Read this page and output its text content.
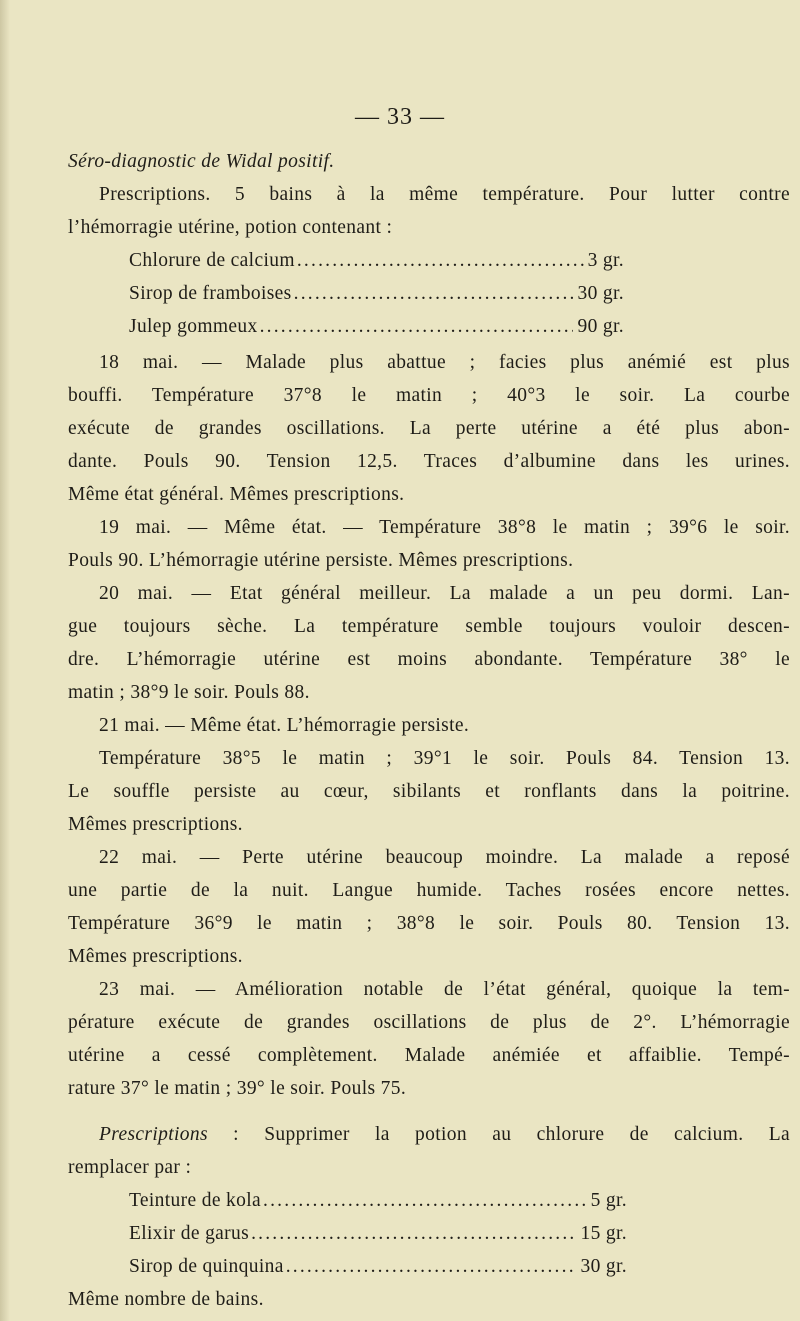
— 33 —

Séro-diagnostic de Widal positif.

Prescriptions. 5 bains à la même température. Pour lutter contre

l’hémorragie utérine, potion contenant :

Chlorure de calcium .....	3 gr.
Sirop de framboises .....	30 gr.
Julep gommeux .....	90 gr.

18 mai. — Malade plus abattue ; facies plus anémié est plus

bouffi. Température 37°8 le matin ; 40°3 le soir. La courbe

exécute de grandes oscillations. La perte utérine a été plus abon-

dante. Pouls 90. Tension 12,5. Traces d’albumine dans les urines.

Même état général. Mêmes prescriptions.

19 mai. — Même état. — Température 38°8 le matin ; 39°6 le soir.

Pouls 90. L’hémorragie utérine persiste. Mêmes prescriptions.

20 mai. — Etat général meilleur. La malade a un peu dormi. Lan-

gue toujours sèche. La température semble toujours vouloir descen-

dre. L’hémorragie utérine est moins abondante. Température 38° le

matin ; 38°9 le soir. Pouls 88.

21 mai. — Même état. L’hémorragie persiste.

Température 38°5 le matin ; 39°1 le soir. Pouls 84. Tension 13.

Le souffle persiste au cœur, sibilants et ronflants dans la poitrine.

Mêmes prescriptions.

22 mai. — Perte utérine beaucoup moindre. La malade a reposé

une partie de la nuit. Langue humide. Taches rosées encore nettes.

Température 36°9 le matin ; 38°8 le soir. Pouls 80. Tension 13.

Mêmes prescriptions.

23 mai. — Amélioration notable de l’état général, quoique la tem-

pérature exécute de grandes oscillations de plus de 2°. L’hémorragie

utérine a cessé complètement. Malade anémiée et affaiblie. Tempé-

rature 37° le matin ; 39° le soir. Pouls 75.

Prescriptions : Supprimer la potion au chlorure de calcium. La

remplacer par :

Teinture de kola .....	5 gr.
Elixir de garus .....	15 gr.
Sirop de quinquina .....	30 gr.

Même nombre de bains.
